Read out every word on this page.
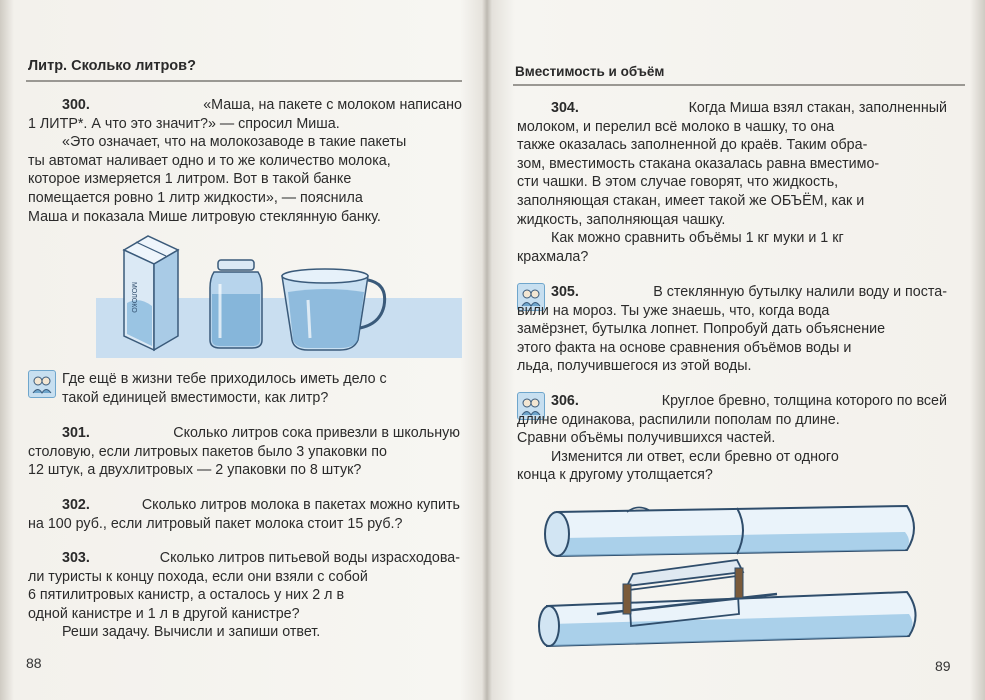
Литр. Сколько литров?
300.	«Маша, на пакете с молоком написано
1 ЛИТР*. А что это значит?» — спросил Миша.
«Это означает, что на молокозаводе в такие пакеты
ты автомат наливает одно и то же количество молока,
которое измеряется 1 литром. Вот в такой банке
помещается ровно 1 литр жидкости», — пояснила
Маша и показала Мише литровую стеклянную банку.
МОЛОКО
Где ещё в жизни тебе приходилось иметь дело с
такой единицей вместимости, как литр?
301.	Сколько литров сока привезли в школьную
столовую, если литровых пакетов было 3 упаковки по
12 штук, а двухлитровых — 2 упаковки по 8 штук?
302.	Сколько литров молока в пакетах можно купить
на 100 руб., если литровый пакет молока стоит 15 руб.?
303.	Сколько литров питьевой воды израсходова-
ли туристы к концу похода, если они взяли с собой
6 пятилитровых канистр, а осталось у них 2 л в
одной канистре и 1 л в другой канистре?
Реши задачу. Вычисли и запиши ответ.
88
Вместимость и объём
304.	Когда Миша взял стакан, заполненный
молоком, и перелил всё молоко в чашку, то она
также оказалась заполненной до краёв. Таким обра-
зом, вместимость стакана оказалась равна вместимо-
сти чашки. В этом случае говорят, что жидкость,
заполняющая стакан, имеет такой же ОБЪЁМ, как и
жидкость, заполняющая чашку.
Как можно сравнить объёмы 1 кг муки и 1 кг
крахмала?
305.	В стеклянную бутылку налили воду и поста-
вили на мороз. Ты уже знаешь, что, когда вода
замёрзнет, бутылка лопнет. Попробуй дать объяснение
этого факта на основе сравнения объёмов воды и
льда, получившегося из этой воды.
306.	Круглое бревно, толщина которого по всей
длине одинакова, распилили пополам по длине.
Сравни объёмы получившихся частей.
Изменится ли ответ, если бревно от одного
конца к другому утолщается?
89
